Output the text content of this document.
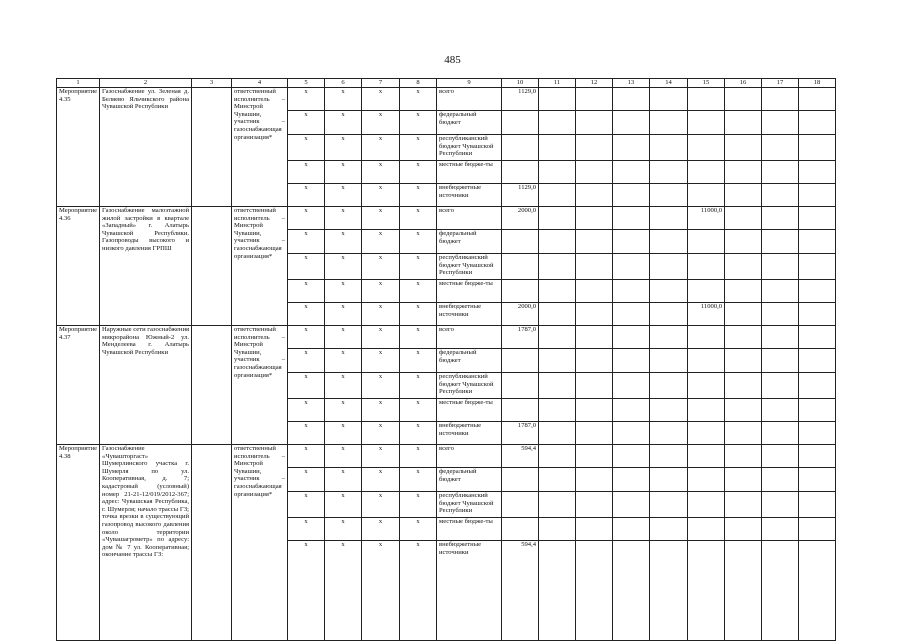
485
1	2	3	4	5	6	7	8	9	10	11	12	13	14	15	16	17	18
Мероприятие 4.35	Газоснабжение ул. Зеленая д. Беляево Яльчикского района Чувашской Республики		ответственный исполнитель – Минстрой Чувашии, участник – газоснабжающая организация*	x	x	x	x	всего	1129,0								
				x	x	x	x	федеральный бюджет									
				x	x	x	x	республиканский бюджет Чувашской Республики									
				x	x	x	x	местные бюдже-ты									
				x	x	x	x	внебюджетные источники	1129,0								
Мероприятие 4.36	Газоснабжение малоэтажной жилой застройки в квартале «Западный» г. Алатырь Чувашской Республики. Газопроводы высокого и низкого давления ГРПШ		ответственный исполнитель – Минстрой Чувашии, участник – газоснабжающая организация*	x	x	x	x	всего	2000,0					11000,0			
				x	x	x	x	федеральный бюджет									
				x	x	x	x	республиканский бюджет Чувашской Республики									
				x	x	x	x	местные бюдже-ты									
				x	x	x	x	внебюджетные источники	2000,0					11000,0			
Мероприятие 4.37	Наружные сети газоснабжения микрорайона Южный-2 ул. Менделеева г. Алатырь Чувашской Республики		ответственный исполнитель – Минстрой Чувашии, участник – газоснабжающая организация*	x	x	x	x	всего	1787,0								
				x	x	x	x	федеральный бюджет									
				x	x	x	x	республиканский бюджет Чувашской Республики									
				x	x	x	x	местные бюдже-ты									
				x	x	x	x	внебюджетные источники	1787,0								
Мероприятие 4.38	Газоснабжение «Чувашторгаст» Шумерлинского участка г. Шумерля по ул. Кооперативная, д. 7; кадастровый (условный) номер 21-21-12/019/2012-367; адрес: Чувашская Республика, г. Шумерля; начало трассы ГЗ; точка врезки в существующий газопровод высокого давления около территории «Чувашагрометр» по адресу: дом № 7 ул. Кооперативная; окончание трассы ГЗ:		ответственный исполнитель – Минстрой Чувашии, участник – газоснабжающая организация*	x	x	x	x	всего	594,4								
				x	x	x	x	федеральный бюджет									
				x	x	x	x	республиканский бюджет Чувашской Республики									
				x	x	x	x	местные бюдже-ты									
				x	x	x	x	внебюджетные источники	594,4								
